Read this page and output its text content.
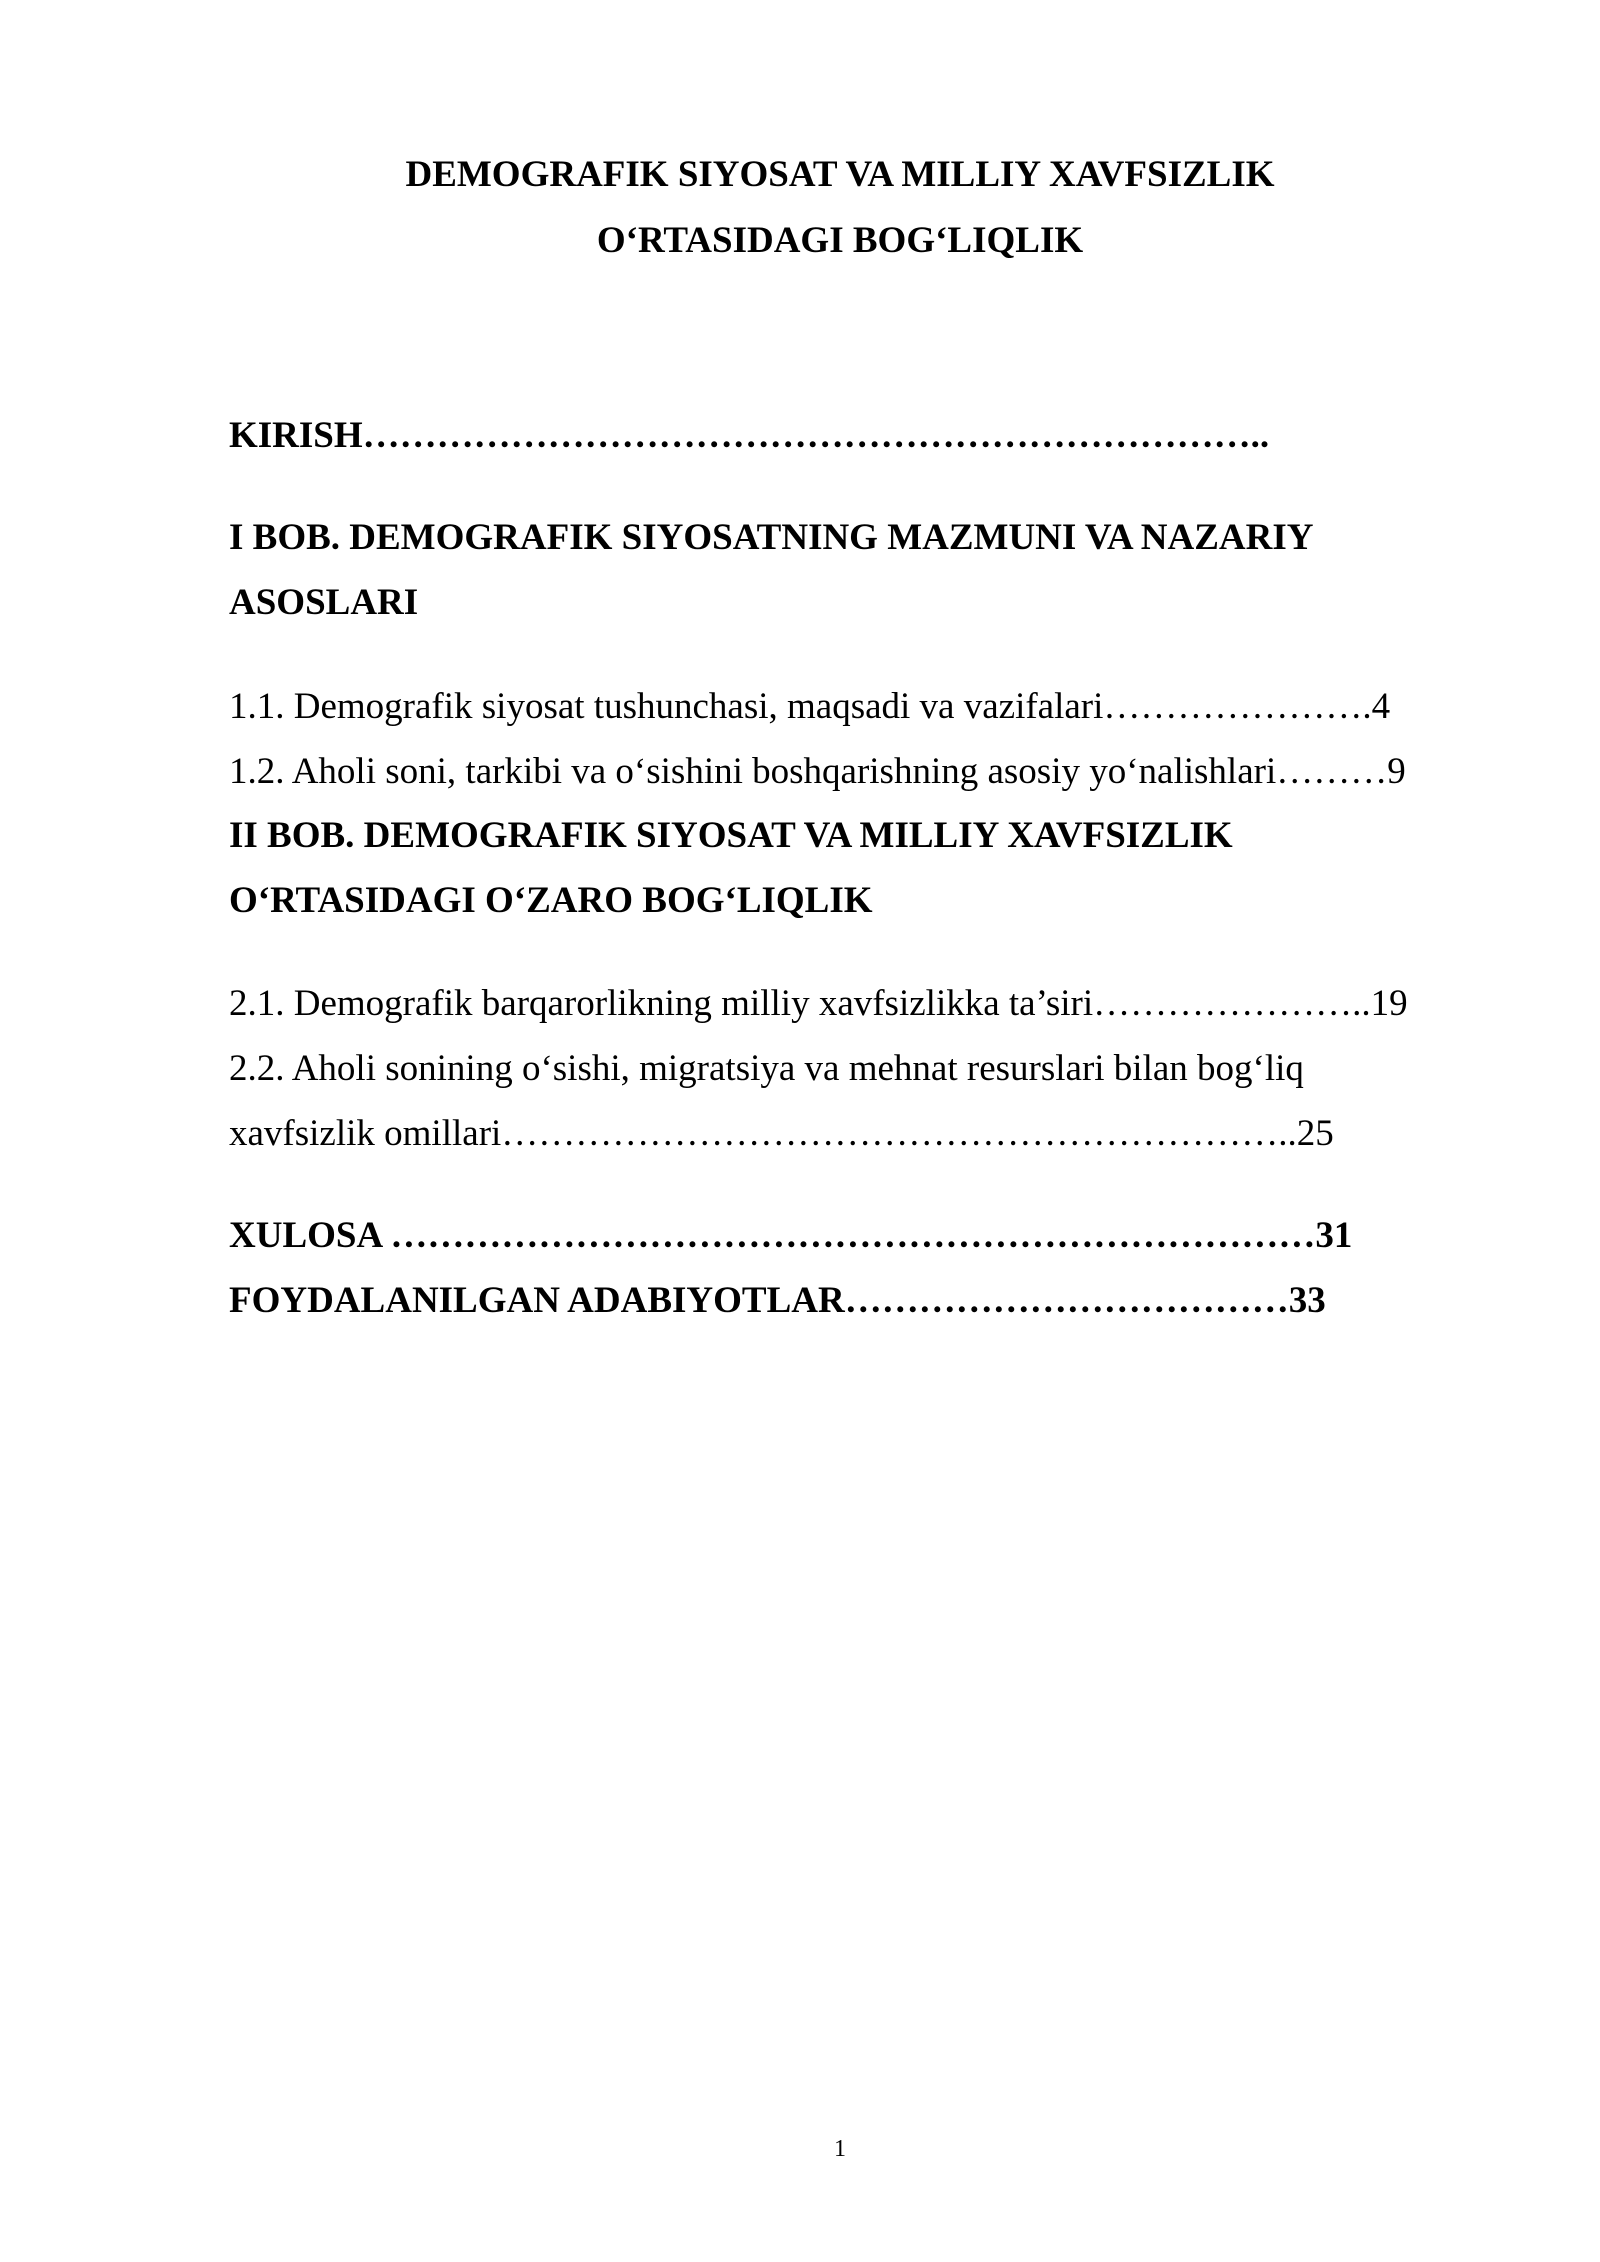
DEMOGRAFIK SIYOSAT VA MILLIY XAVFSIZLIK
O‘RTASIDAGI BOG‘LIQLIK
KIRISH………………………………………………………………..
I BOB. DEMOGRAFIK SIYOSATNING MAZMUNI VA NAZARIY
ASOSLARI
1.1. Demografik siyosat tushunchasi, maqsadi va vazifalari………………….4
1.2. Aholi soni, tarkibi va o‘sishini boshqarishning asosiy yo‘nalishlari………9
II BOB. DEMOGRAFIK SIYOSAT VA MILLIY XAVFSIZLIK
O‘RTASIDAGI O‘ZARO BOG‘LIQLIK
2.1. Demografik barqarorlikning milliy xavfsizlikka ta’siri…………………..19
2.2. Aholi sonining o‘sishi, migratsiya va mehnat resurslari bilan bog‘liq
xavfsizlik omillari………………………………………………………..25
XULOSA …………………………………………………………………31
FOYDALANILGAN ADABIYOTLAR………………………………33
1
